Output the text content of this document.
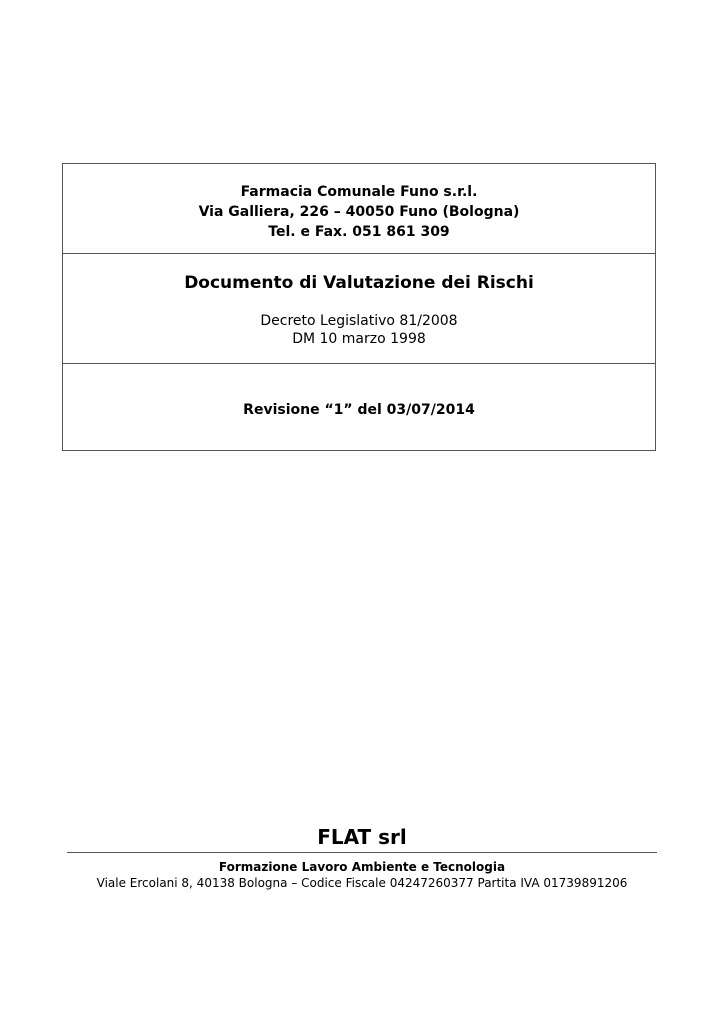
Farmacia Comunale Funo s.r.l.
Via Galliera, 226 – 40050 Funo (Bologna)
Tel. e Fax. 051 861 309
Documento di Valutazione dei Rischi
Decreto Legislativo 81/2008
DM 10 marzo 1998
Revisione “1” del 03/07/2014
FLAT srl
Formazione Lavoro Ambiente e Tecnologia
Viale Ercolani 8, 40138 Bologna – Codice Fiscale 04247260377 Partita IVA 01739891206
